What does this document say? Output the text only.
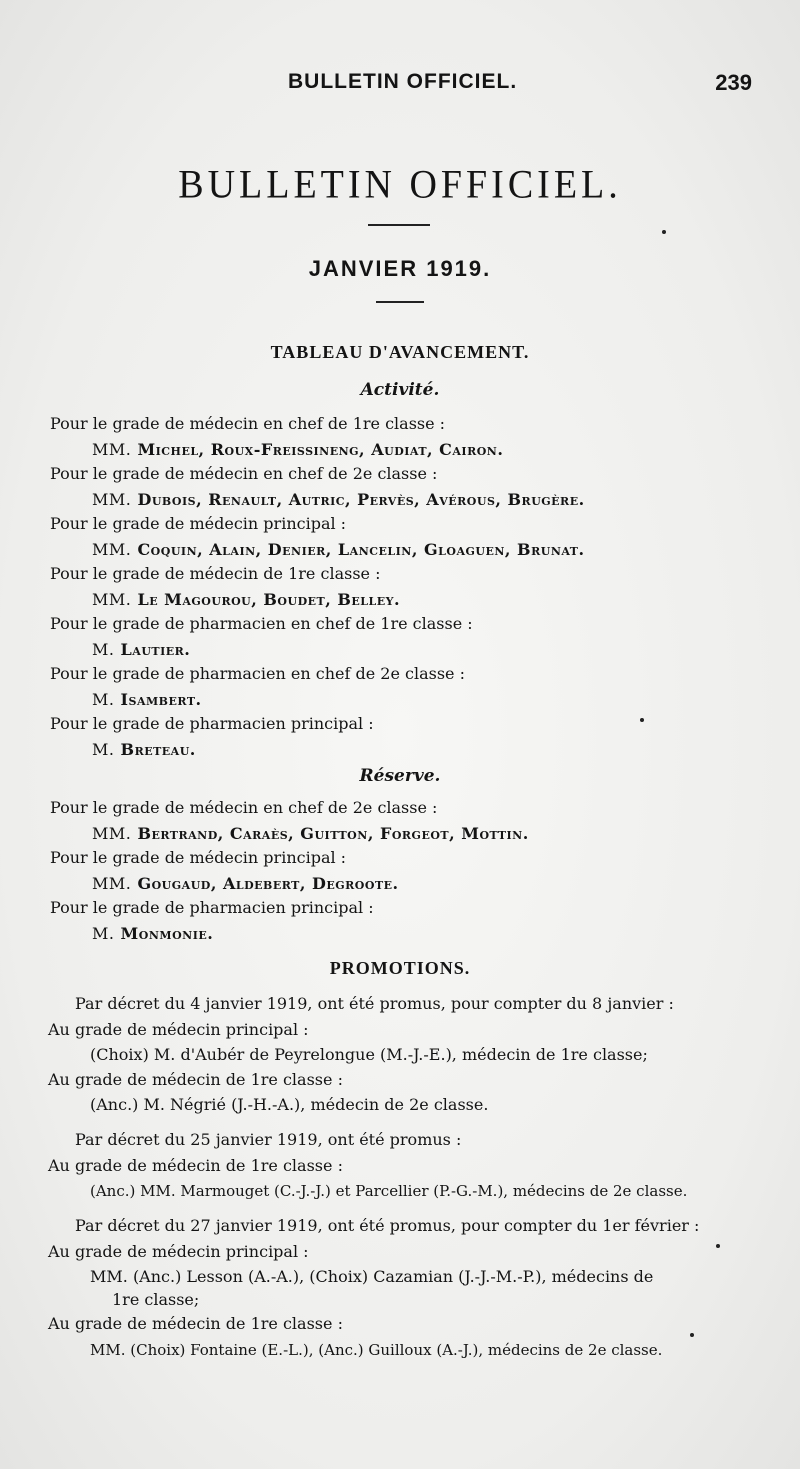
BULLETIN OFFICIEL.	239
BULLETIN OFFICIEL.
JANVIER 1919.
TABLEAU D'AVANCEMENT.
Activité.
Pour le grade de médecin en chef de 1re classe :
MM. Michel, Roux-Freissineng, Audiat, Cairon.
Pour le grade de médecin en chef de 2e classe :
MM. Dubois, Renault, Autric, Pervès, Avérous, Brugère.
Pour le grade de médecin principal :
MM. Coquin, Alain, Denier, Lancelin, Gloaguen, Brunat.
Pour le grade de médecin de 1re classe :
MM. Le Magourou, Boudet, Belley.
Pour le grade de pharmacien en chef de 1re classe :
M. Lautier.
Pour le grade de pharmacien en chef de 2e classe :
M. Isambert.
Pour le grade de pharmacien principal :
M. Breteau.
Réserve.
Pour le grade de médecin en chef de 2e classe :
MM. Bertrand, Caraès, Guitton, Forgeot, Mottin.
Pour le grade de médecin principal :
MM. Gougaud, Aldebert, Degroote.
Pour le grade de pharmacien principal :
M. Monmonie.
PROMOTIONS.
Par décret du 4 janvier 1919, ont été promus, pour compter du 8 janvier :
Au grade de médecin principal :
(Choix) M. d'Aubér de Peyrelongue (M.-J.-E.), médecin de 1re classe;
Au grade de médecin de 1re classe :
(Anc.) M. Négrié (J.-H.-A.), médecin de 2e classe.
Par décret du 25 janvier 1919, ont été promus :
Au grade de médecin de 1re classe :
(Anc.) MM. Marmouget (C.-J.-J.) et Parcellier (P.-G.-M.), médecins de 2e classe.
Par décret du 27 janvier 1919, ont été promus, pour compter du 1er février :
Au grade de médecin principal :
MM. (Anc.) Lesson (A.-A.), (Choix) Cazamian (J.-J.-M.-P.), médecins de
1re classe;
Au grade de médecin de 1re classe :
MM. (Choix) Fontaine (E.-L.), (Anc.) Guilloux (A.-J.), médecins de 2e classe.
